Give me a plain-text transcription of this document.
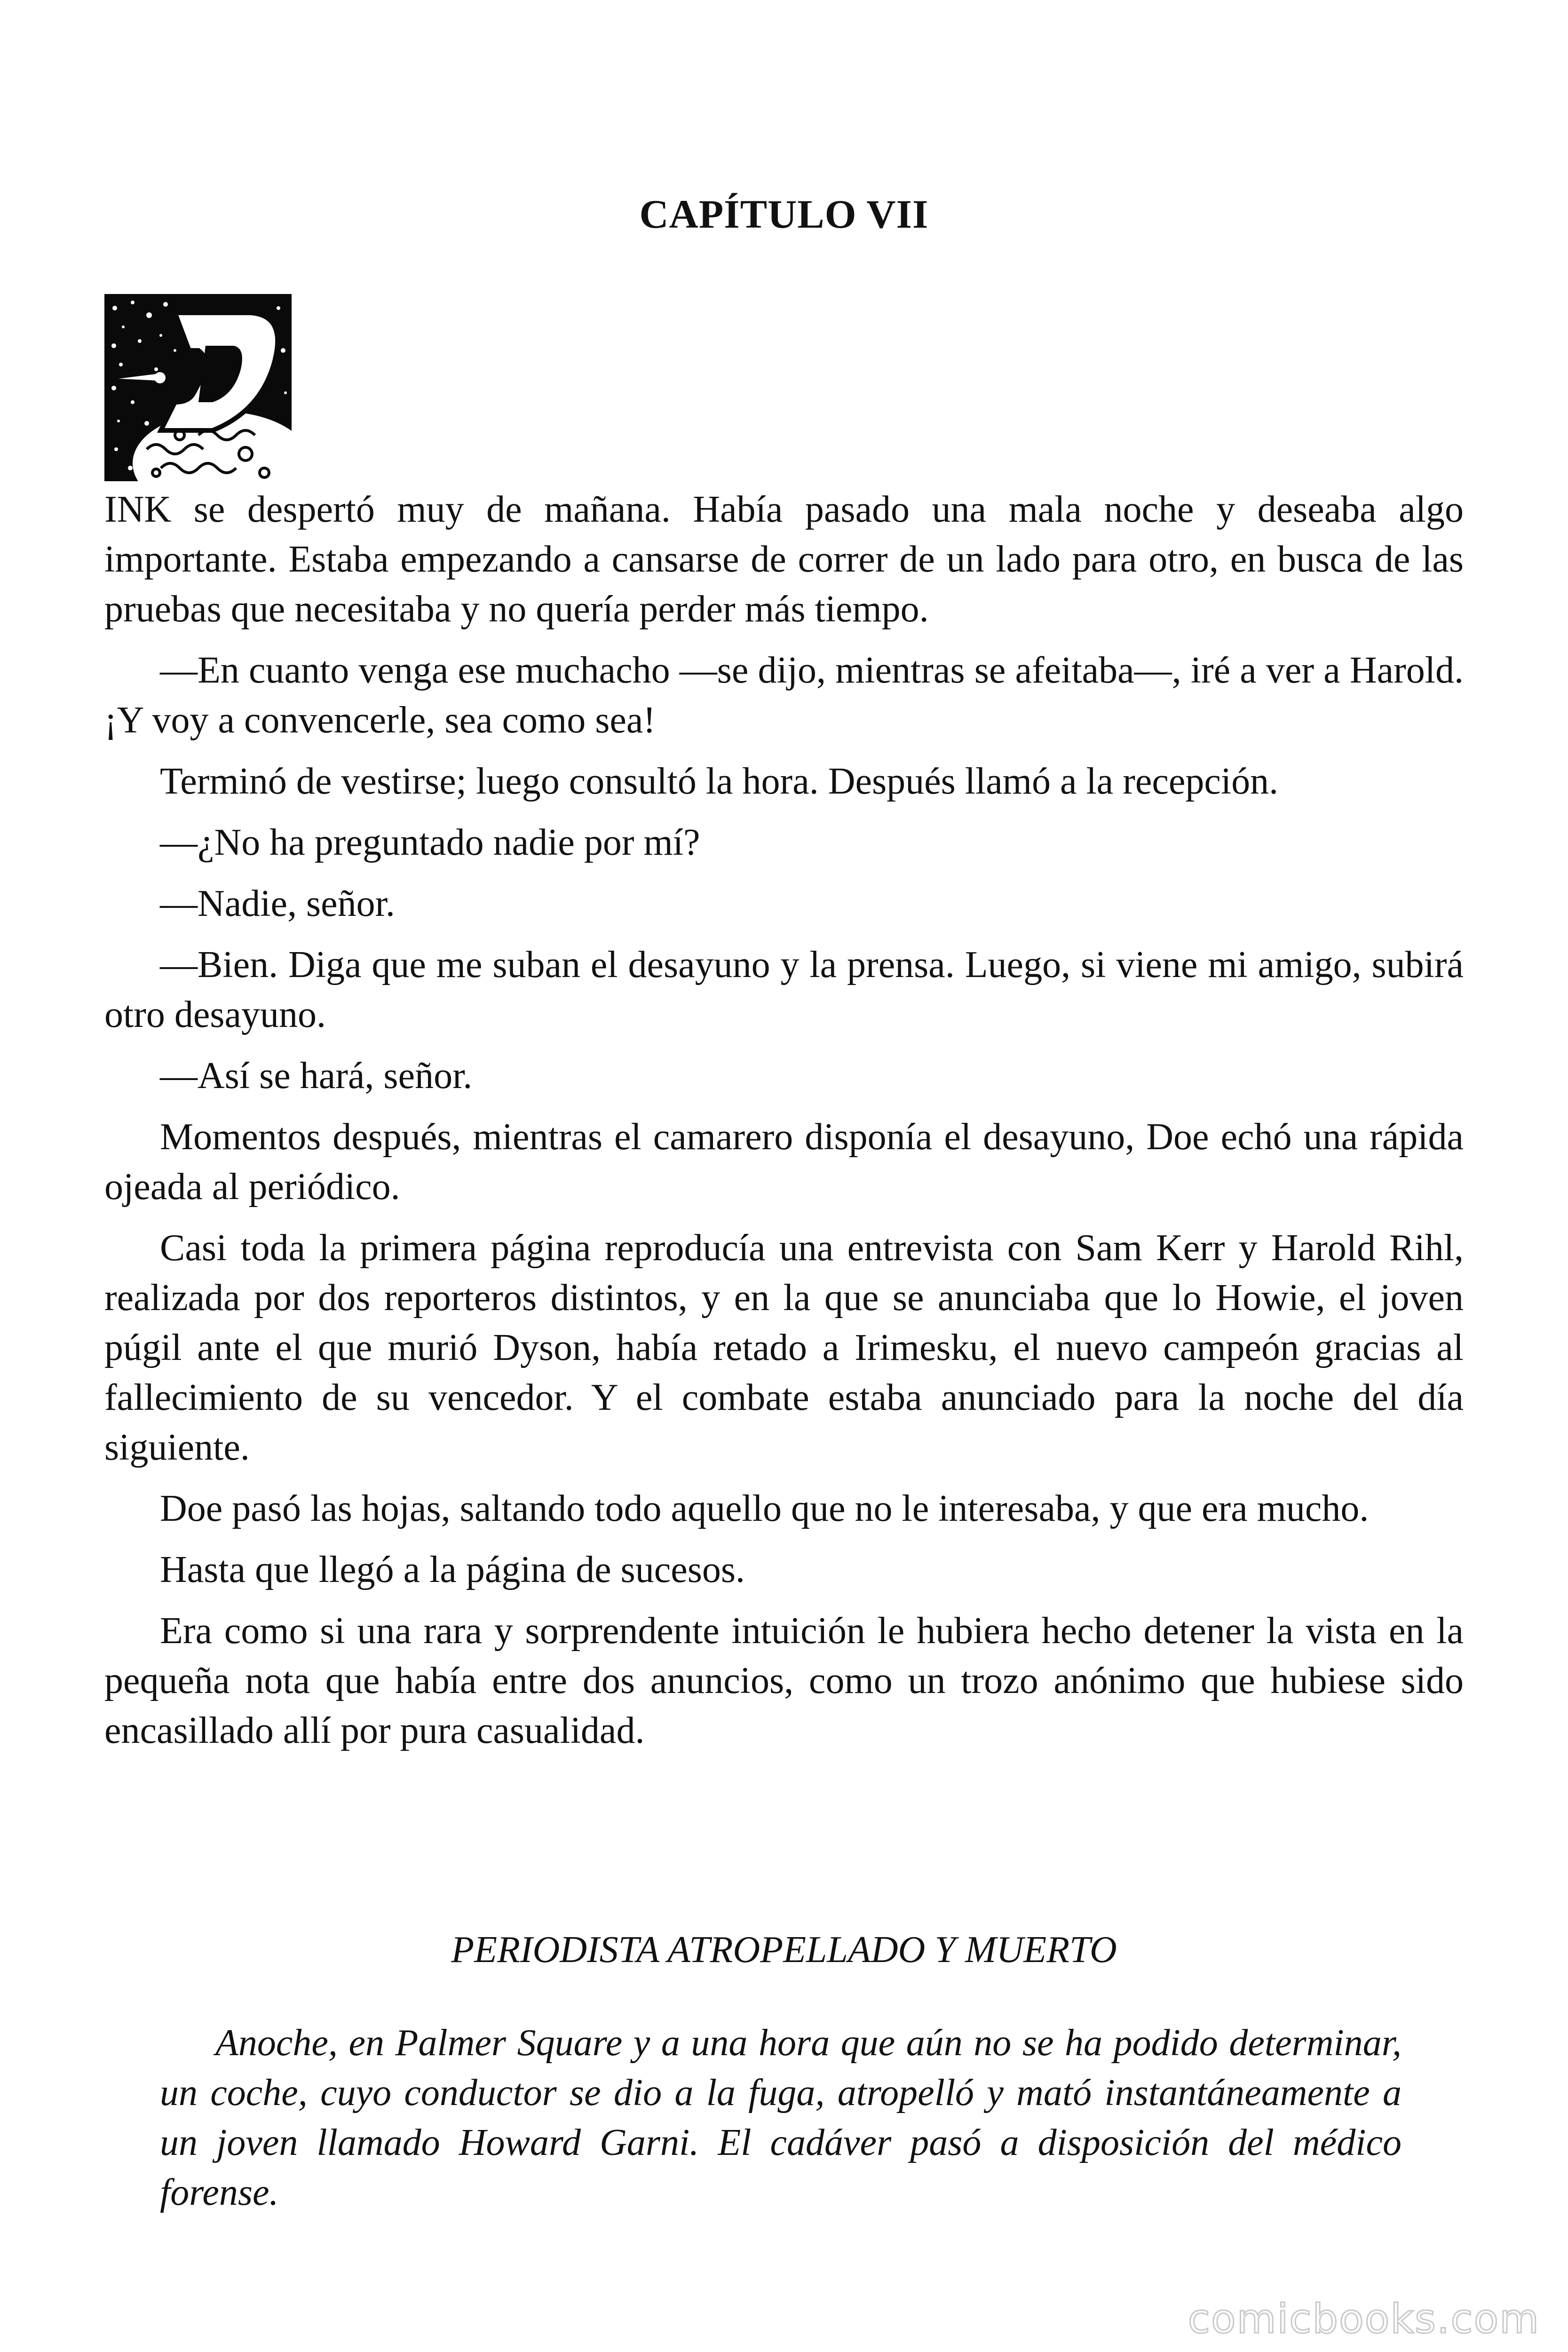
CAPÍTULO VII

INK se despertó muy de mañana. Había pasado una mala noche y deseaba algo importante. Estaba empezando a cansarse de correr de un lado para otro, en busca de las pruebas que necesitaba y no quería perder más tiempo.

—En cuanto venga ese muchacho —se dijo, mientras se afeitaba—, iré a ver a Harold. ¡Y voy a convencerle, sea como sea!

Terminó de vestirse; luego consultó la hora. Después llamó a la recepción.

—¿No ha preguntado nadie por mí?

—Nadie, señor.

—Bien. Diga que me suban el desayuno y la prensa. Luego, si viene mi amigo, subirá otro desayuno.

—Así se hará, señor.

Momentos después, mientras el camarero disponía el desayuno, Doe echó una rápida ojeada al periódico.

Casi toda la primera página reproducía una entrevista con Sam Kerr y Harold Rihl, realizada por dos reporteros distintos, y en la que se anunciaba que lo Howie, el joven púgil ante el que murió Dyson, había retado a Irimesku, el nuevo campeón gracias al fallecimiento de su vencedor. Y el combate estaba anunciado para la noche del día siguiente.

Doe pasó las hojas, saltando todo aquello que no le interesaba, y que era mucho.

Hasta que llegó a la página de sucesos.

Era como si una rara y sorprendente intuición le hubiera hecho detener la vista en la pequeña nota que había entre dos anuncios, como un trozo anónimo que hubiese sido encasillado allí por pura casualidad.

PERIODISTA ATROPELLADO Y MUERTO

Anoche, en Palmer Square y a una hora que aún no se ha podido determinar, un coche, cuyo conductor se dio a la fuga, atropelló y mató instantáneamente a un joven llamado Howard Garni. El cadáver pasó a disposición del médico forense.

comicbooks.com
